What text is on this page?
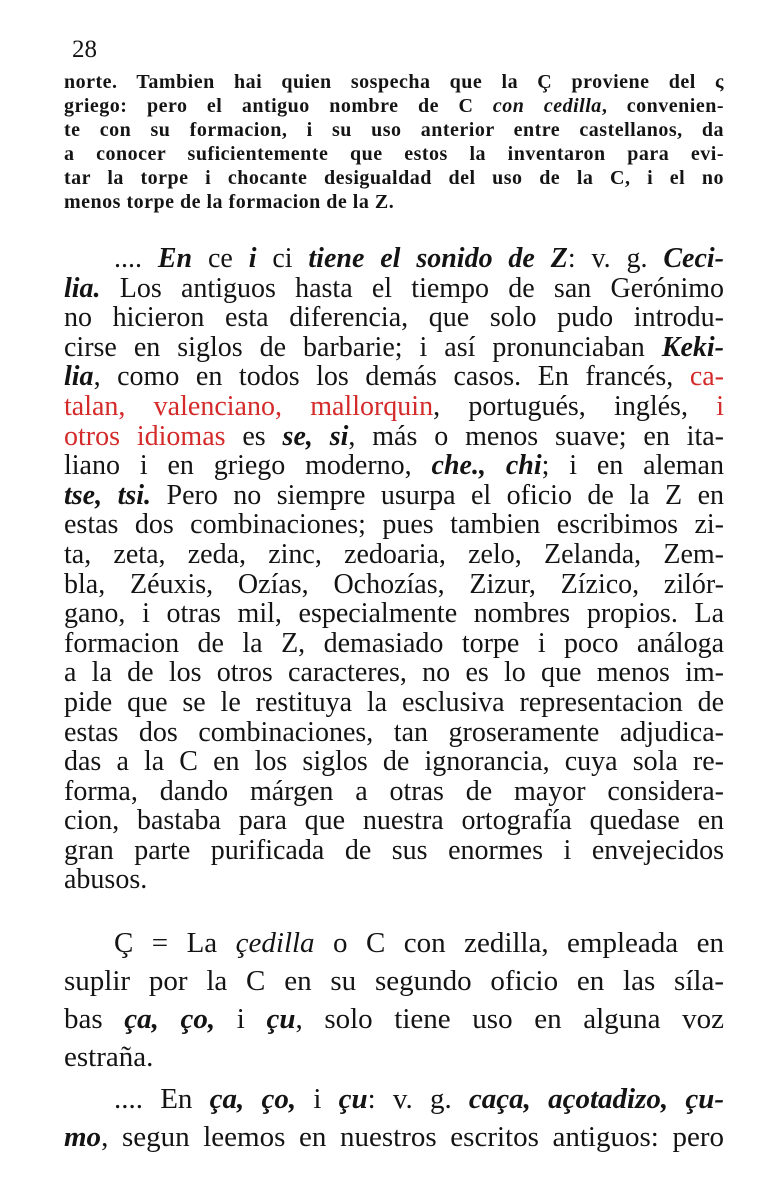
28
norte. Tambien hai quien sospecha que la Ç proviene del ς
griego: pero el antiguo nombre de C con cedilla, convenien-
te con su formacion, i su uso anterior entre castellanos, da
a conocer suficientemente que estos la inventaron para evi-
tar la torpe i chocante desigualdad del uso de la C, i el no
menos torpe de la formacion de la Z.
.... En ce i ci tiene el sonido de Z: v. g. Ceci-
lia. Los antiguos hasta el tiempo de san Gerónimo
no hicieron esta diferencia, que solo pudo introdu-
cirse en siglos de barbarie; i así pronunciaban Keki-
lia, como en todos los demás casos. En francés, ca-
talan, valenciano, mallorquin, portugués, inglés, i
otros idiomas es se, si, más o menos suave; en ita-
liano i en griego moderno, che., chi; i en aleman
tse, tsi. Pero no siempre usurpa el oficio de la Z en
estas dos combinaciones; pues tambien escribimos zi-
ta, zeta, zeda, zinc, zedoaria, zelo, Zelanda, Zem-
bla, Zéuxis, Ozías, Ochozías, Zizur, Zízico, zilór-
gano, i otras mil, especialmente nombres propios. La
formacion de la Z, demasiado torpe i poco análoga
a la de los otros caracteres, no es lo que menos im-
pide que se le restituya la esclusiva representacion de
estas dos combinaciones, tan groseramente adjudica-
das a la C en los siglos de ignorancia, cuya sola re-
forma, dando márgen a otras de mayor considera-
cion, bastaba para que nuestra ortografía quedase en
gran parte purificada de sus enormes i envejecidos
abusos.
Ç = La çedilla o C con zedilla, empleada en
suplir por la C en su segundo oficio en las síla-
bas ça, ço, i çu, solo tiene uso en alguna voz
estraña.
.... En ça, ço, i çu: v. g. caça, açotadizo, çu-
mo, segun leemos en nuestros escritos antiguos: pero
